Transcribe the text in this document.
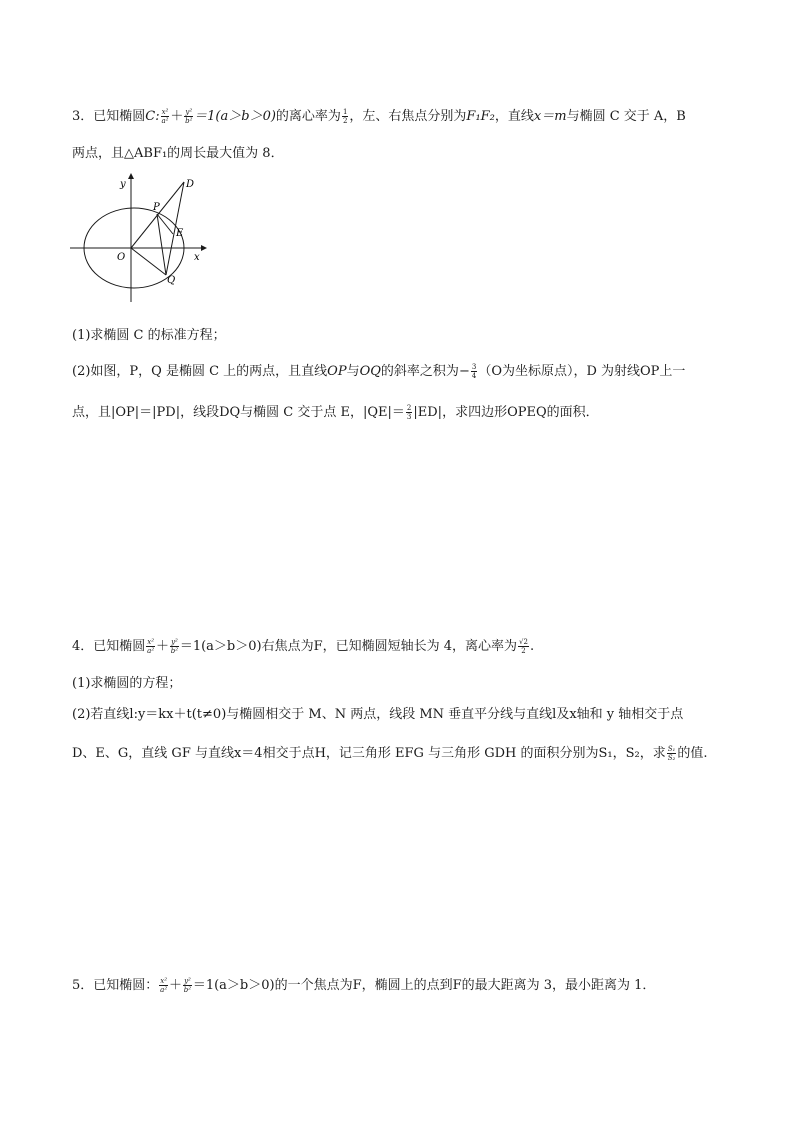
3．已知椭圆C: $\frac{\text{x²}}{\text{a²}} + \frac{\text{y²}}{\text{b²}} =1(a>b>0)$的离心率为 $\frac{1}{2}$ ，左、右焦点分别为F₁F₂，直线x＝m与椭圆 C 交于 A，B
两点，且△ABF₁的周长最大值为 8．
y
x
O
P
D
E
Q
(1)求椭圆 C 的标准方程；
(2)如图，P，Q 是椭圆 C 上的两点，且直线OP与OQ的斜率之积为− $\frac{3}{4} (O$为坐标原点），D 为射线OP上一
点，且|OP|＝|PD|，线段DQ与椭圆 C 交于点 E，$|QE|= \frac{2}{3} |ED|$，求四边形OPEQ的面积．
4．已知椭圆 $\frac{\text{x²}}{\text{a²}} + \frac{\text{y²}}{\text{b²}} =1(a>b>0)$右焦点为F，已知椭圆短轴长为 4，离心率为 $\frac{√2}{2}$ .
(1)求椭圆的方程；
(2)若直线l:y＝kx＋t(t≠0)与椭圆相交于 M、N 两点，线段 MN 垂直平分线与直线l及x轴和 y 轴相交于点
D、E、G，直线 GF 与直线x＝4相交于点H，记三角形 EFG 与三角形 GDH 的面积分别为S₁，S₂，求 $\frac{\text{S₁}}{\text{S₂}}$ 的值.
5．已知椭圆： $\frac{\text{x²}}{\text{a²}} + \frac{\text{y²}}{\text{b²}} =1(a>b>0)$的一个焦点为F，椭圆上的点到F的最大距离为 3，最小距离为 1．
